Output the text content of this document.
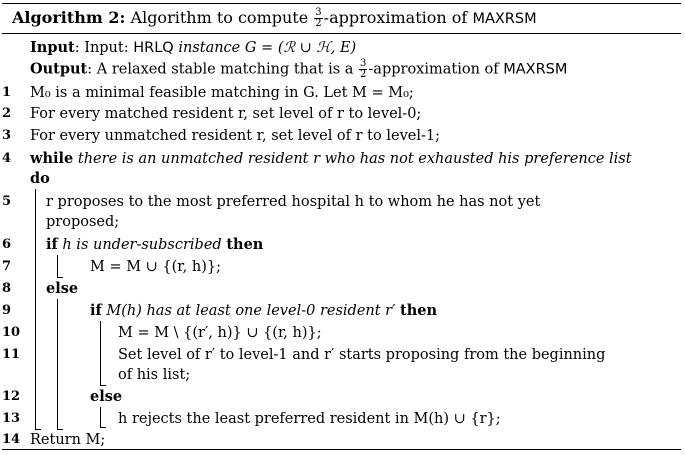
Algorithm 2: Algorithm to compute $\frac{3}{2}$ -approximation of MAXRSM
Input: Input: HRLQ instance G = (ℛ ∪ ℋ, E)
Output: A relaxed stable matching that is a $\frac{3}{2}$ -approximation of MAXRSM
1	M₀ is a minimal feasible matching in G. Let M = M₀;
2	For every matched resident r, set level of r to level-0;
3	For every unmatched resident r, set level of r to level-1;
4	while there is an unmatched resident r who has not exhausted his preference list
do
5	r proposes to the most preferred hospital h to whom he has not yet
proposed;
6	if h is under-subscribed then
7	M = M ∪ {(r, h)};
8	else
9	if M(h) has at least one level-0 resident r′ then
10	M = M \ {(r′, h)} ∪ {(r, h)};
11	Set level of r′ to level-1 and r′ starts proposing from the beginning
of his list;
12	else
13	h rejects the least preferred resident in M(h) ∪ {r};
14 Return M;
